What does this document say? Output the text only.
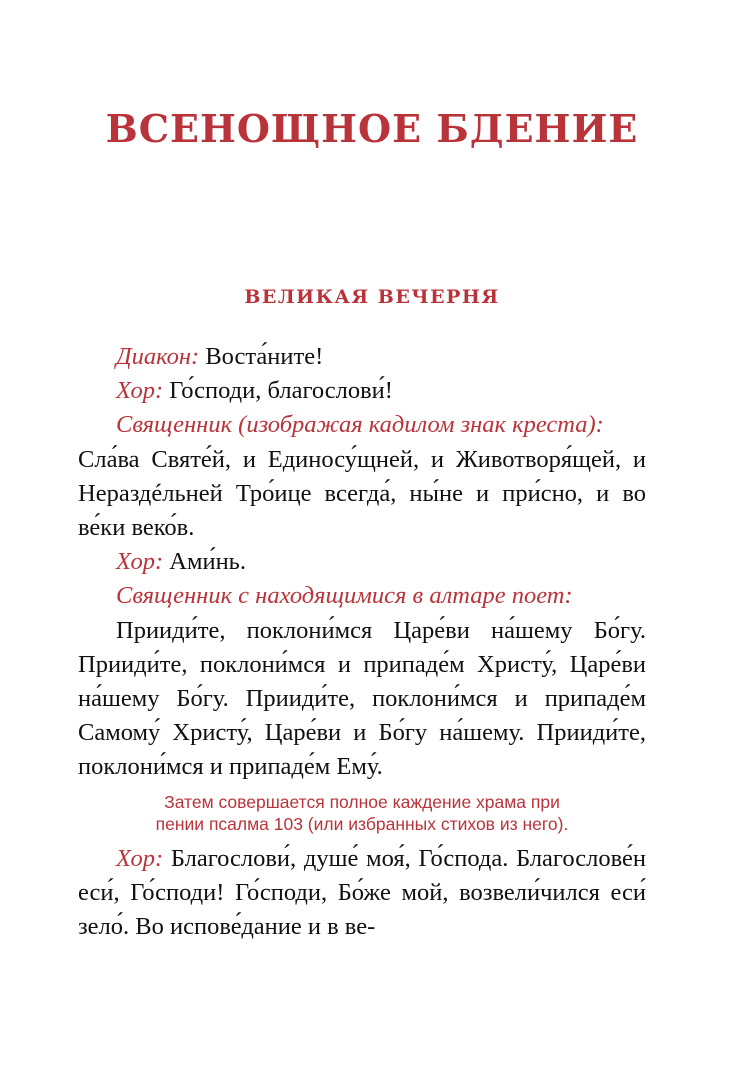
ВСЕНОЩНОЕ БДЕНИЕ
ВЕЛИКАЯ ВЕЧЕРНЯ

Диакон: Воста́ните!

Хор: Го́споди, благослови́!

Священник (изображая кадилом знак креста):

Сла́ва Святе́й, и Единосу́щней, и Животворя́щей, и Нераздéльней Тро́ице всегда́, ны́не и при́сно, и во ве́ки веко́в.

Хор: Ами́нь.

Священник с находящимися в алтаре поет:

Прииди́те, поклони́мся Царе́ви на́шему Бо́гу. Прииди́те, поклони́мся и припаде́м Христу́, Царе́ви на́шему Бо́гу. Прииди́те, поклони́мся и припаде́м Самому́ Христу́, Царе́ви и Бо́гу на́шему. Прииди́те, поклони́мся и припаде́м Ему́.

Затем совершается полное каждение храма при
пении псалма 103 (или избранных стихов из него).

Хор: Благослови́, душе́ моя́, Го́спода. Благослове́н еси́, Го́споди! Го́споди, Бо́же мой, возвели́чился еси́ зело́. Во испове́дание и в ве-
